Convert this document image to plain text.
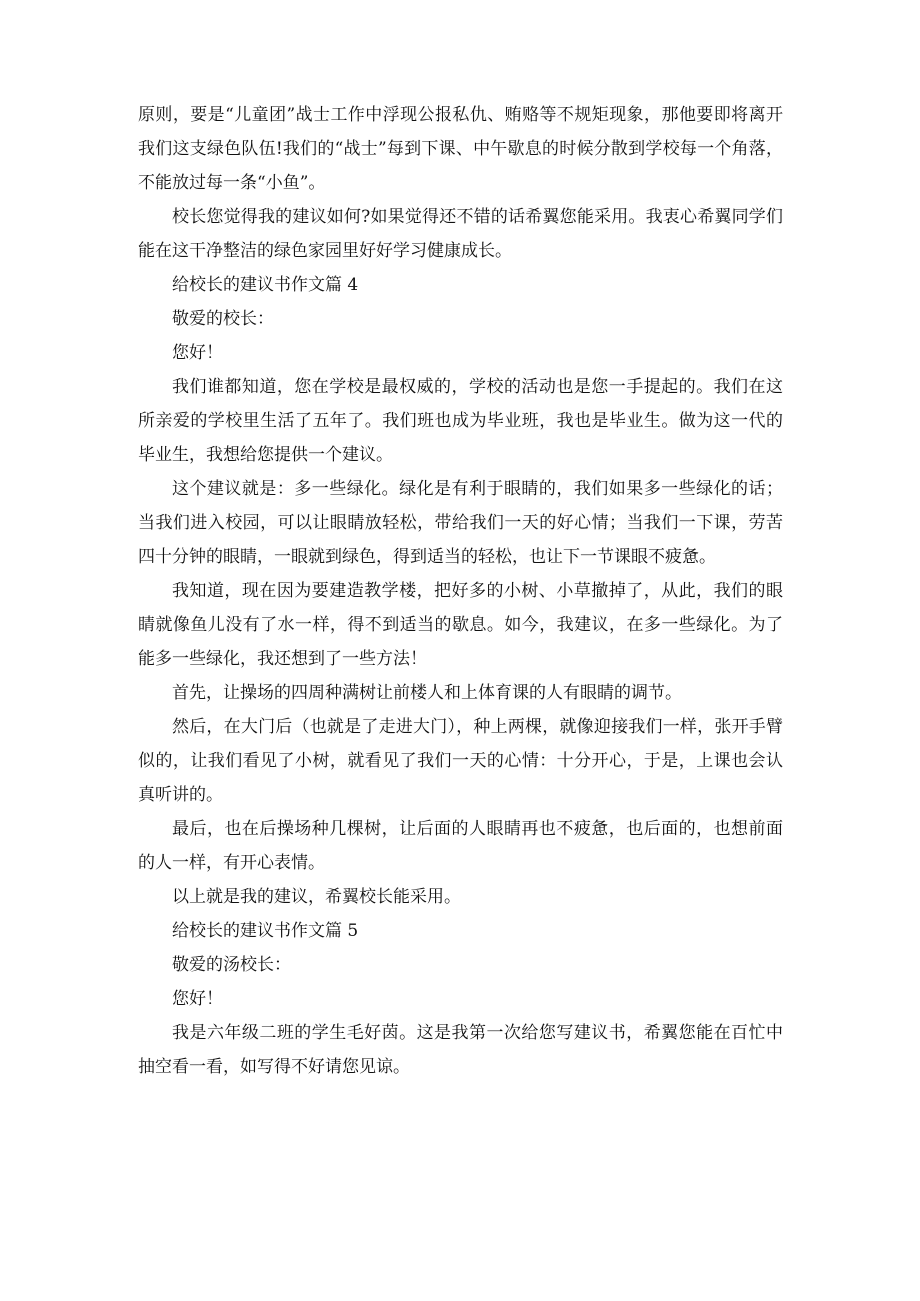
原则，要是“儿童团”战士工作中浮现公报私仇、贿赂等不规矩现象，那他要即将离开我们这支绿色队伍!我们的“战士”每到下课、中午歇息的时候分散到学校每一个角落，不能放过每一条“小鱼”。

校长您觉得我的建议如何?如果觉得还不错的话希翼您能采用。我衷心希翼同学们能在这干净整洁的绿色家园里好好学习健康成长。

给校长的建议书作文篇 4

敬爱的校长：

您好！

我们谁都知道，您在学校是最权威的，学校的活动也是您一手提起的。我们在这所亲爱的学校里生活了五年了。我们班也成为毕业班，我也是毕业生。做为这一代的毕业生，我想给您提供一个建议。

这个建议就是：多一些绿化。绿化是有利于眼睛的，我们如果多一些绿化的话；当我们进入校园，可以让眼睛放轻松，带给我们一天的好心情；当我们一下课，劳苦四十分钟的眼睛，一眼就到绿色，得到适当的轻松，也让下一节课眼不疲惫。

我知道，现在因为要建造教学楼，把好多的小树、小草撤掉了，从此，我们的眼睛就像鱼儿没有了水一样，得不到适当的歇息。如今，我建议，在多一些绿化。为了能多一些绿化，我还想到了一些方法！

首先，让操场的四周种满树让前楼人和上体育课的人有眼睛的调节。

然后，在大门后（也就是了走进大门），种上两棵，就像迎接我们一样，张开手臂似的，让我们看见了小树，就看见了我们一天的心情：十分开心，于是，上课也会认真听讲的。

最后，也在后操场种几棵树，让后面的人眼睛再也不疲惫，也后面的，也想前面的人一样，有开心表情。

以上就是我的建议，希翼校长能采用。

给校长的建议书作文篇 5

敬爱的汤校长：

您好！

我是六年级二班的学生毛好茵。这是我第一次给您写建议书，希翼您能在百忙中抽空看一看，如写得不好请您见谅。
